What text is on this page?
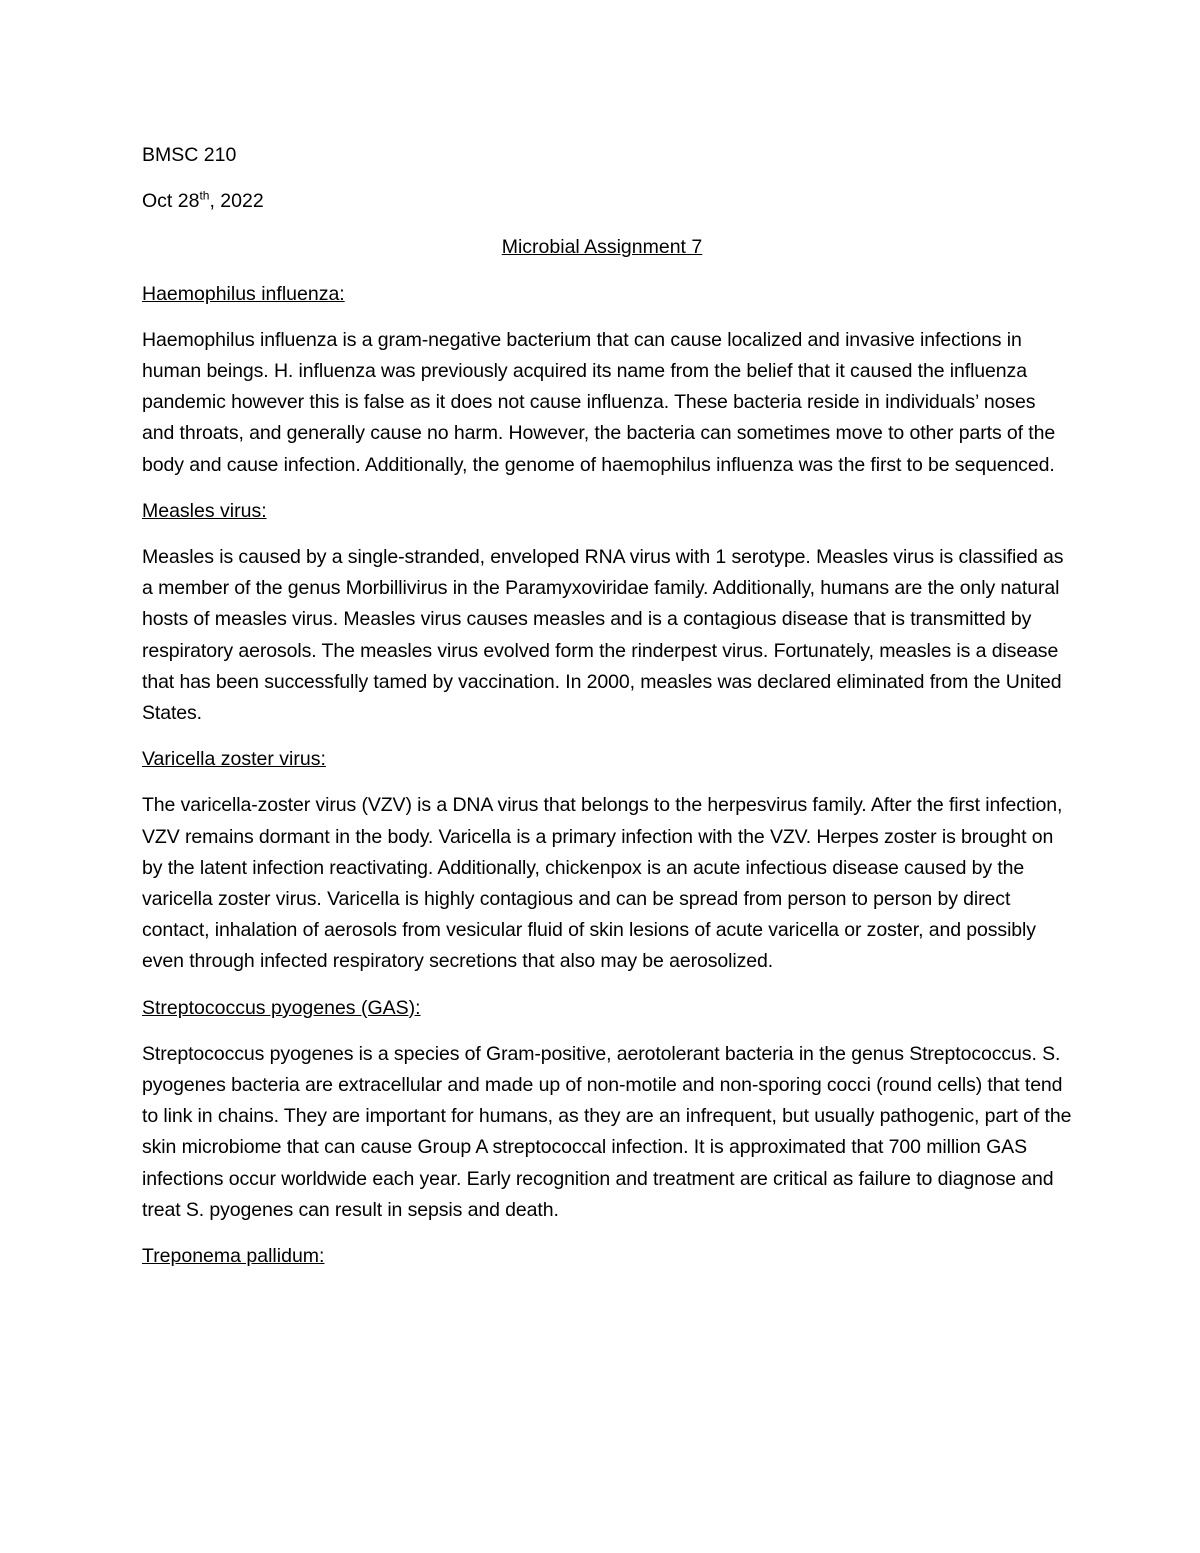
BMSC 210

Oct 28th, 2022

Microbial Assignment 7

Haemophilus influenza:

Haemophilus influenza is a gram-negative bacterium that can cause localized and invasive infections in human beings. H. influenza was previously acquired its name from the belief that it caused the influenza pandemic however this is false as it does not cause influenza. These bacteria reside in individuals’ noses and throats, and generally cause no harm. However, the bacteria can sometimes move to other parts of the body and cause infection. Additionally, the genome of haemophilus influenza was the first to be sequenced.

Measles virus:

Measles is caused by a single-stranded, enveloped RNA virus with 1 serotype. Measles virus is classified as a member of the genus Morbillivirus in the Paramyxoviridae family. Additionally, humans are the only natural hosts of measles virus. Measles virus causes measles and is a contagious disease that is transmitted by respiratory aerosols. The measles virus evolved form the rinderpest virus. Fortunately, measles is a disease that has been successfully tamed by vaccination. In 2000, measles was declared eliminated from the United States.

Varicella zoster virus:

The varicella-zoster virus (VZV) is a DNA virus that belongs to the herpesvirus family. After the first infection, VZV remains dormant in the body. Varicella is a primary infection with the VZV. Herpes zoster is brought on by the latent infection reactivating. Additionally, chickenpox is an acute infectious disease caused by the varicella zoster virus. Varicella is highly contagious and can be spread from person to person by direct contact, inhalation of aerosols from vesicular fluid of skin lesions of acute varicella or zoster, and possibly even through infected respiratory secretions that also may be aerosolized.

Streptococcus pyogenes (GAS):

Streptococcus pyogenes is a species of Gram-positive, aerotolerant bacteria in the genus Streptococcus. S. pyogenes bacteria are extracellular and made up of non-motile and non-sporing cocci (round cells) that tend to link in chains. They are important for humans, as they are an infrequent, but usually pathogenic, part of the skin microbiome that can cause Group A streptococcal infection. It is approximated that 700 million GAS infections occur worldwide each year. Early recognition and treatment are critical as failure to diagnose and treat S. pyogenes can result in sepsis and death.

Treponema pallidum:
